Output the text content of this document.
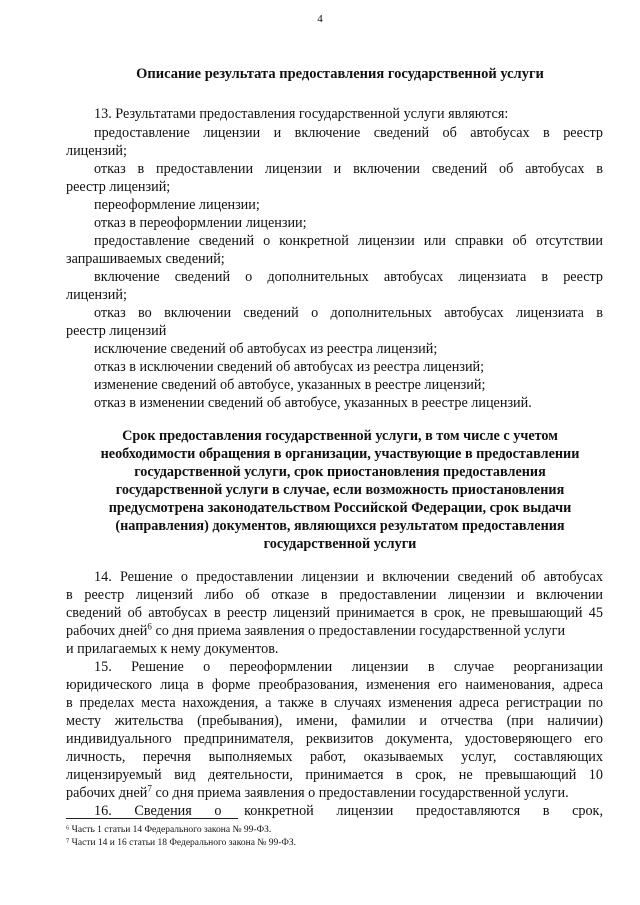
4
Описание результата предоставления государственной услуги
13. Результатами предоставления государственной услуги являются:
предоставление лицензии и включение сведений об автобусах в реестр
лицензий;
отказ в предоставлении лицензии и включении сведений об автобусах в
реестр лицензий;
переоформление лицензии;
отказ в переоформлении лицензии;
предоставление сведений о конкретной лицензии или справки об отсутствии
запрашиваемых сведений;
включение сведений о дополнительных автобусах лицензиата в реестр
лицензий;
отказ во включении сведений о дополнительных автобусах лицензиата в
реестр лицензий
исключение сведений об автобусах из реестра лицензий;
отказ в исключении сведений об автобусах из реестра лицензий;
изменение сведений об автобусе, указанных в реестре лицензий;
отказ в изменении сведений об автобусе, указанных в реестре лицензий.
Срок предоставления государственной услуги, в том числе с учетом
необходимости обращения в организации, участвующие в предоставлении
государственной услуги, срок приостановления предоставления
государственной услуги в случае, если возможность приостановления
предусмотрена законодательством Российской Федерации, срок выдачи
(направления) документов, являющихся результатом предоставления
государственной услуги
14. Решение о предоставлении лицензии и включении сведений об автобусах
в реестр лицензий либо об отказе в предоставлении лицензии и включении
сведений об автобусах в реестр лицензий принимается в срок, не превышающий 45
рабочих дней$^6$ со дня приема заявления о предоставлении государственной услуги
и прилагаемых к нему документов.
15. Решение о переоформлении лицензии в случае реорганизации
юридического лица в форме преобразования, изменения его наименования, адреса
в пределах места нахождения, а также в случаях изменения адреса регистрации по
месту жительства (пребывания), имени, фамилии и отчества (при наличии)
индивидуального предпринимателя, реквизитов документа, удостоверяющего его
личность, перечня выполняемых работ, оказываемых услуг, составляющих
лицензируемый вид деятельности, принимается в срок, не превышающий 10
рабочих дней$^7$ со дня приема заявления о предоставлении государственной услуги.
16. Сведения о конкретной лицензии предоставляются в срок,
⁶ Часть 1 статьи 14 Федерального закона № 99-ФЗ.
⁷ Части 14 и 16 статьи 18 Федерального закона № 99-ФЗ.
